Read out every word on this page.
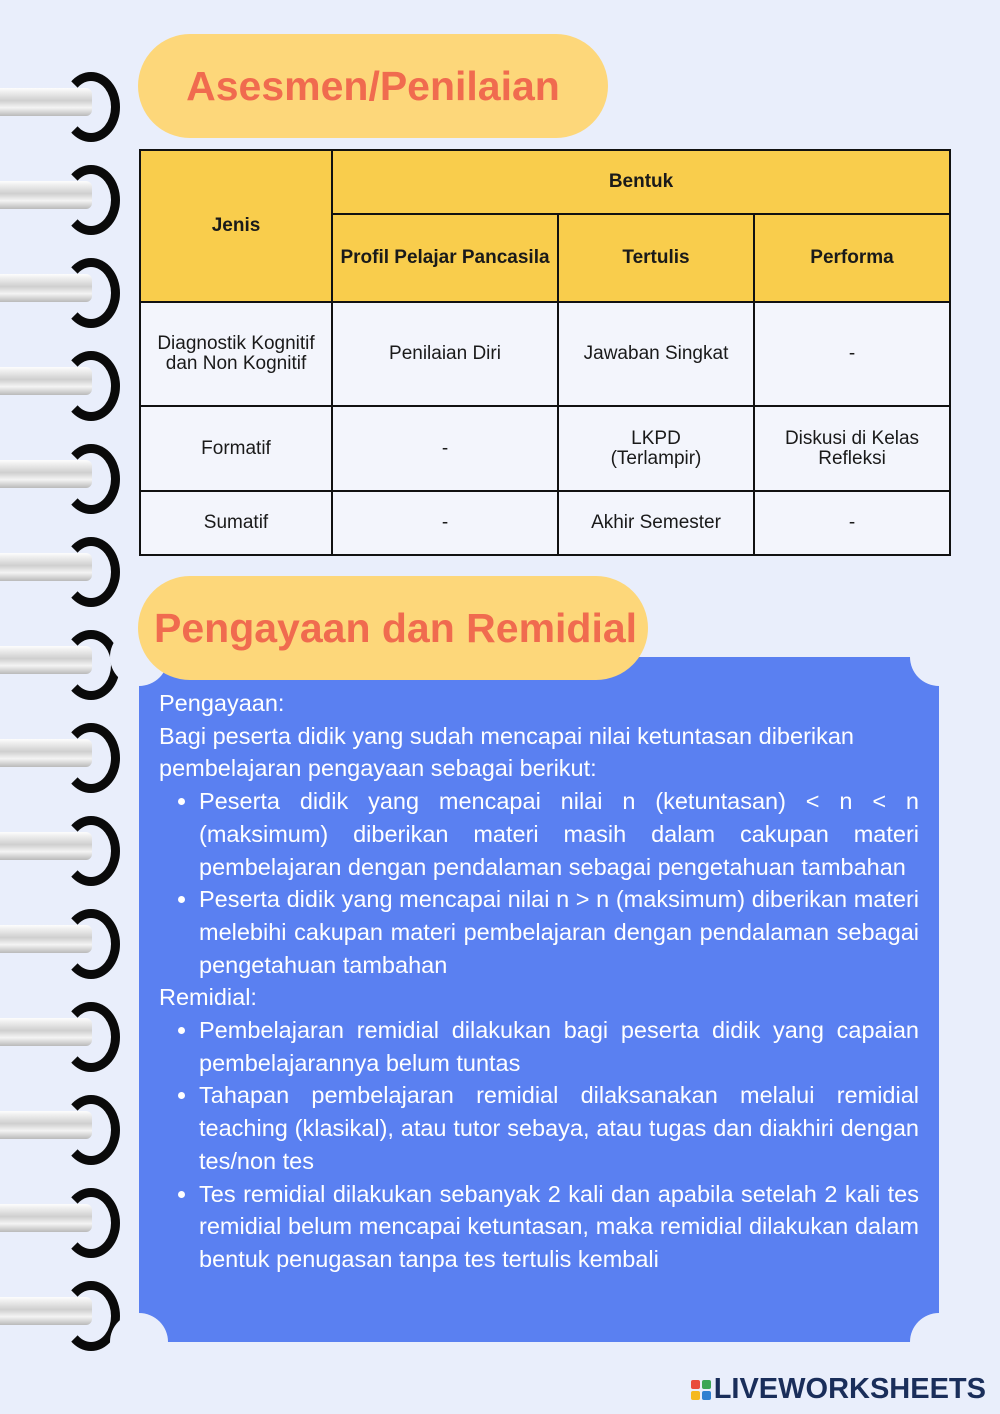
Asesmen/Penilaian
Jenis	Bentuk		
	Profil Pelajar Pancasila	Tertulis	Performa
Diagnostik Kognitif dan Non Kognitif	Penilaian Diri	Jawaban Singkat	-
Formatif	-	LKPD (Terlampir)	Diskusi di Kelas Refleksi
Sumatif	-	Akhir Semester	-
Pengayaan dan Remidial

Pengayaan:

Bagi peserta didik yang sudah mencapai nilai ketuntasan diberikan pembelajaran pengayaan sebagai berikut:

• Peserta didik yang mencapai nilai n (ketuntasan) < n < n (maksimum) diberikan materi masih dalam cakupan materi pembelajaran dengan pendalaman sebagai pengetahuan tambahan
• Peserta didik yang mencapai nilai n > n (maksimum) diberikan materi melebihi cakupan materi pembelajaran dengan pendalaman sebagai pengetahuan tambahan

Remidial:

• Pembelajaran remidial dilakukan bagi peserta didik yang capaian pembelajarannya belum tuntas
• Tahapan pembelajaran remidial dilaksanakan melalui remidial teaching (klasikal), atau tutor sebaya, atau tugas dan diakhiri dengan tes/non tes
• Tes remidial dilakukan sebanyak 2 kali dan apabila setelah 2 kali tes remidial belum mencapai ketuntasan, maka remidial dilakukan dalam bentuk penugasan tanpa tes tertulis kembali
LIVEWORKSHEETS
